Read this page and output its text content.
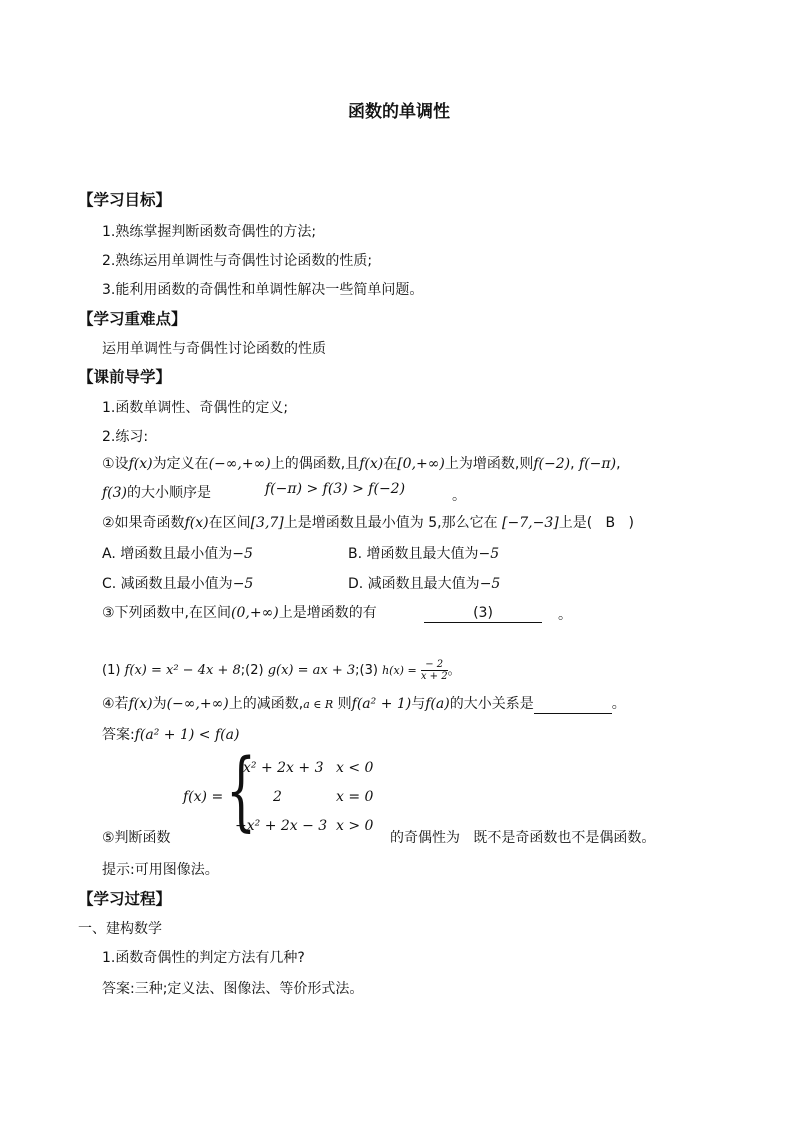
函数的单调性
【学习目标】
1.熟练掌握判断函数奇偶性的方法;
2.熟练运用单调性与奇偶性讨论函数的性质;
3.能利用函数的奇偶性和单调性解决一些简单问题。
【学习重难点】
运用单调性与奇偶性讨论函数的性质
【课前导学】
1.函数单调性、奇偶性的定义;
2.练习:
①设f(x)为定义在(−∞,+∞)上的偶函数,且f(x)在[0,+∞)上为增函数,则f(−2), f(−π),
f(3)的大小顺序是	f(−π) > f(3) > f(−2)	。
②如果奇函数f(x)在区间[3,7]上是增函数且最小值为 5,那么它在 [−7,−3]上是( B )
A. 增函数且最小值为−5	B. 增函数且最大值为−5
C. 减函数且最小值为−5	D. 减函数且最大值为−5
③下列函数中,在区间(0,+∞)上是增函数的有	(3)	。
(1) f(x) = x² − 4x + 8;(2) g(x) = ax + 3;(3) $h(x) = \frac{- 2}{x + 2}$ 。
④若f(x)为(−∞,+∞)上的减函数,a ∈ R 则f(a² + 1)与f(a)的大小关系是	。
答案:f(a² + 1) < f(a)
f(x) = {
x² + 2x + 3 x < 0
2	x = 0
−x² + 2x − 3 x > 0
⑤判断函数	的奇偶性为 既不是奇函数也不是偶函数。
提示:可用图像法。
【学习过程】
一、建构数学
1.函数奇偶性的判定方法有几种?
答案:三种;定义法、图像法、等价形式法。
